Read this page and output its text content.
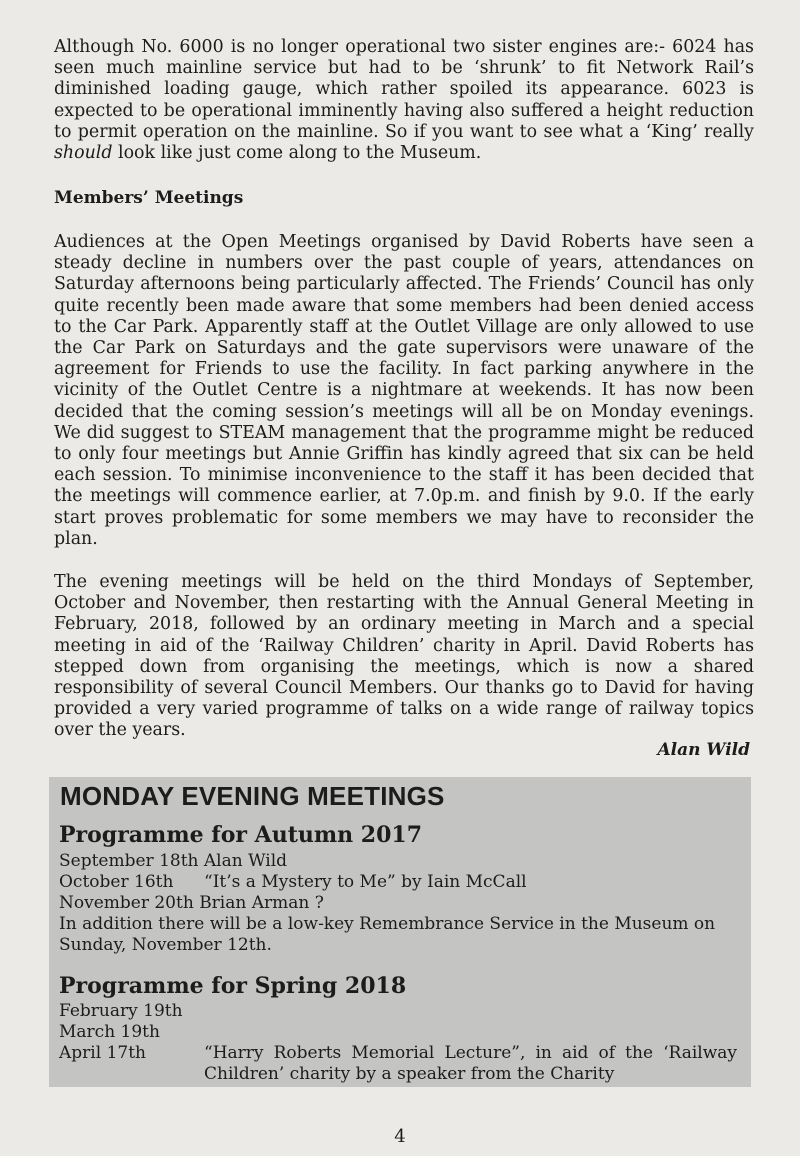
Although No. 6000 is no longer operational two sister engines are:- 6024 has seen much mainline service but had to be ‘shrunk’ to fit Network Rail’s diminished loading gauge, which rather spoiled its appearance. 6023 is expected to be operational imminently having also suffered a height reduction to permit operation on the mainline. So if you want to see what a ‘King’ really should look like just come along to the Museum.

Members’ Meetings

Audiences at the Open Meetings organised by David Roberts have seen a steady decline in numbers over the past couple of years, attendances on Saturday afternoons being particularly affected. The Friends’ Council has only quite recently been made aware that some members had been denied access to the Car Park. Apparently staff at the Outlet Village are only allowed to use the Car Park on Saturdays and the gate supervisors were unaware of the agreement for Friends to use the facility. In fact parking anywhere in the vicinity of the Outlet Centre is a nightmare at weekends. It has now been decided that the coming session’s meetings will all be on Monday evenings. We did suggest to STEAM management that the programme might be reduced to only four meetings but Annie Griffin has kindly agreed that six can be held each session. To minimise inconvenience to the staff it has been decided that the meetings will commence earlier, at 7.0p.m. and finish by 9.0. If the early start proves problematic for some members we may have to reconsider the plan.

The evening meetings will be held on the third Mondays of September, October and November, then restarting with the Annual General Meeting in February, 2018, followed by an ordinary meeting in March and a special meeting in aid of the ‘Railway Children’ charity in April. David Roberts has stepped down from organising the meetings, which is now a shared responsibility of several Council Members. Our thanks go to David for having provided a very varied programme of talks on a wide range of railway topics over the years.

Alan Wild
MONDAY EVENING MEETINGS
Programme for Autumn 2017
September 18th Alan Wild
October 16th “It’s a Mystery to Me” by Iain McCall
November 20th Brian Arman ?
In addition there will be a low-key Remembrance Service in the Museum on Sunday, November 12th.
Programme for Spring 2018
February 19th
March 19th
April 17th	“Harry Roberts Memorial Lecture”, in aid of the ‘Railway Children’ charity by a speaker from the Charity
4
